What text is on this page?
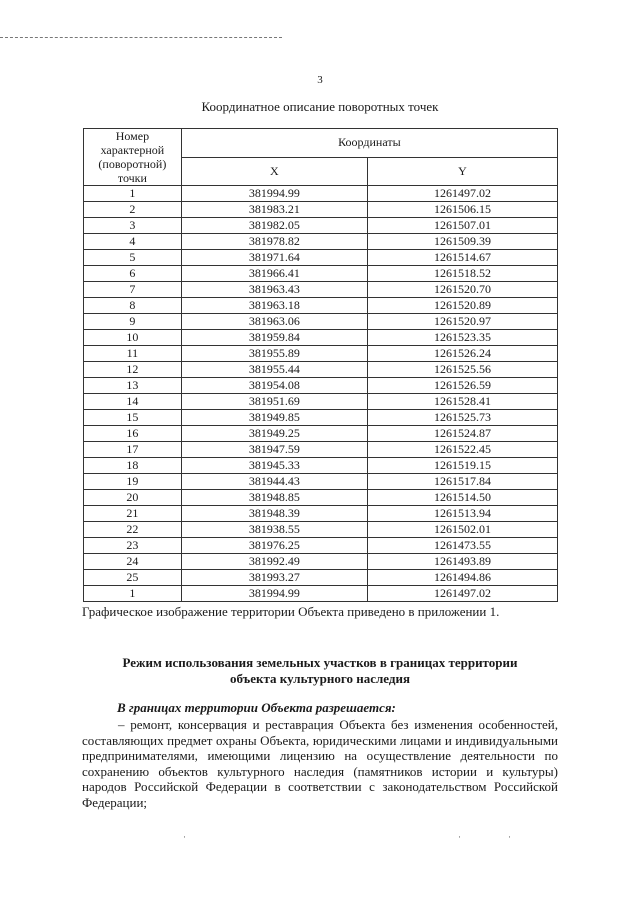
3
Координатное описание поворотных точек
Номер характерной (поворотной) точки	Координаты	
	X	Y
1	381994.99	1261497.02
2	381983.21	1261506.15
3	381982.05	1261507.01
4	381978.82	1261509.39
5	381971.64	1261514.67
6	381966.41	1261518.52
7	381963.43	1261520.70
8	381963.18	1261520.89
9	381963.06	1261520.97
10	381959.84	1261523.35
11	381955.89	1261526.24
12	381955.44	1261525.56
13	381954.08	1261526.59
14	381951.69	1261528.41
15	381949.85	1261525.73
16	381949.25	1261524.87
17	381947.59	1261522.45
18	381945.33	1261519.15
19	381944.43	1261517.84
20	381948.85	1261514.50
21	381948.39	1261513.94
22	381938.55	1261502.01
23	381976.25	1261473.55
24	381992.49	1261493.89
25	381993.27	1261494.86
1	381994.99	1261497.02
Графическое изображение территории Объекта приведено в приложении 1.
Режим использования земельных участков в границах территории
объекта культурного наследия
В границах территории Объекта разрешается:
– ремонт, консервация и реставрация Объекта без изменения особенностей, составляющих предмет охраны Объекта, юридическими лицами и индивидуальными предпринимателями, имеющими лицензию на осуществление деятельности по сохранению объектов культурного наследия (памятников истории и культуры) народов Российской Федерации в соответствии с законодательством Российской Федерации;
·	·	·
